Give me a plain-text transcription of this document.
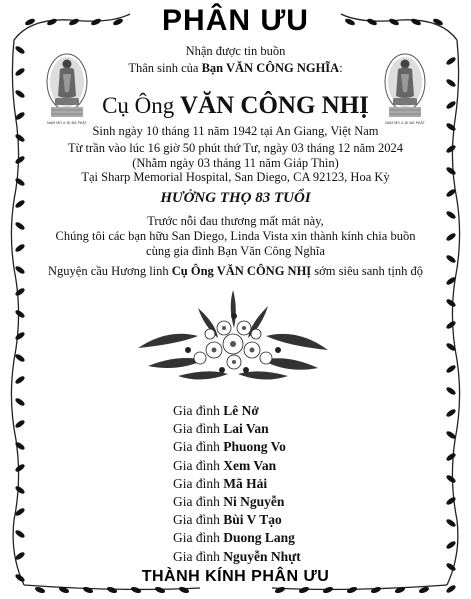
PHÂN ƯU
NAM MÔ A DI ĐÀ PHẬT	NAM MÔ A DI ĐÀ PHẬT
Nhận được tin buồn
Thân sinh của Bạn VĂN CÔNG NGHĨA:
Cụ Ông VĂN CÔNG NHỊ
Sinh ngày 10 tháng 11 năm 1942 tại An Giang, Việt Nam
Từ trần vào lúc 16 giờ 50 phút thứ Tư, ngày 03 tháng 12 năm 2024
(Nhằm ngày 03 tháng 11 năm Giáp Thìn)
Tại Sharp Memorial Hospital, San Diego, CA 92123, Hoa Kỳ
HƯỞNG THỌ 83 TUỔI
Trước nỗi đau thương mất mát này,
Chúng tôi các bạn hữu San Diego, Linda Vista xin thành kính chia buồn
cùng gia đình Bạn Văn Công Nghĩa
Nguyện cầu Hương linh Cụ Ông VĂN CÔNG NHỊ sớm siêu sanh tịnh độ
Gia đình Lê Nở
Gia đình Lai Van
Gia đình Phuong Vo
Gia đình Xem Van
Gia đình Mã Hải
Gia đình Ni Nguyễn
Gia đình Bùi V Tạo
Gia đình Duong Lang
Gia đình Nguyễn Nhựt
THÀNH KÍNH PHÂN ƯU
